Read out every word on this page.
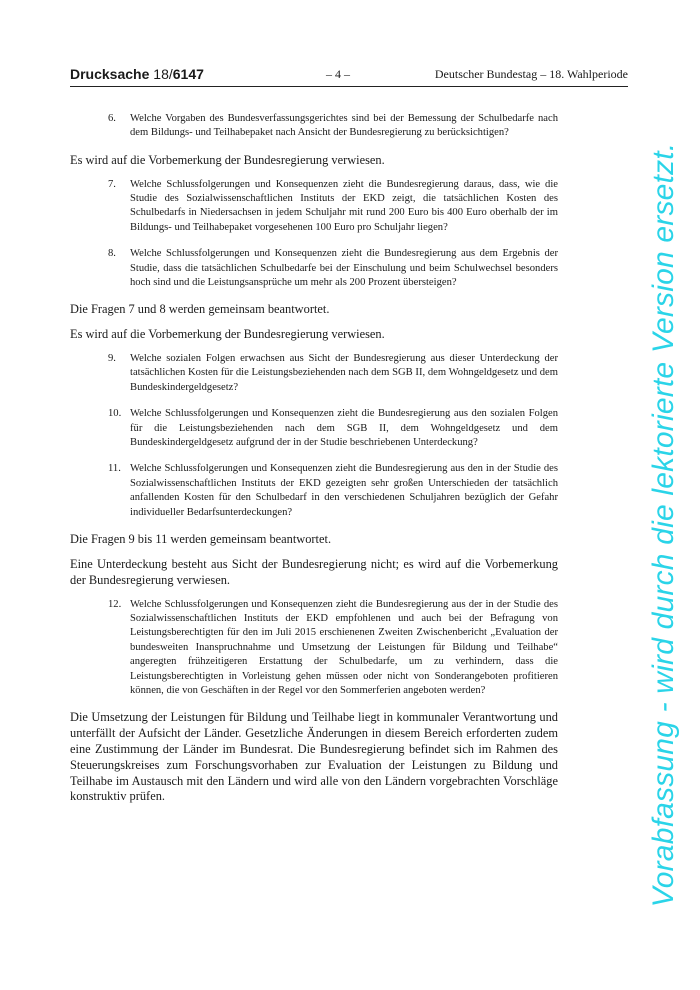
Drucksache 18/6147	– 4 –	Deutscher Bundestag – 18. Wahlperiode
6. Welche Vorgaben des Bundesverfassungsgerichtes sind bei der Bemessung der Schulbedarfe nach dem Bildungs- und Teilhabepaket nach Ansicht der Bundesregierung zu berücksichtigen?

Es wird auf die Vorbemerkung der Bundesregierung verwiesen.

7. Welche Schlussfolgerungen und Konsequenzen zieht die Bundesregierung daraus, dass, wie die Studie des Sozialwissenschaftlichen Instituts der EKD zeigt, die tatsächlichen Kosten des Schulbedarfs in Niedersachsen in jedem Schuljahr mit rund 200 Euro bis 400 Euro oberhalb der im Bildungs- und Teilhabepaket vorgesehenen 100 Euro pro Schuljahr liegen?
8. Welche Schlussfolgerungen und Konsequenzen zieht die Bundesregierung aus dem Ergebnis der Studie, dass die tatsächlichen Schulbedarfe bei der Einschulung und beim Schulwechsel besonders hoch sind und die Leistungsansprüche um mehr als 200 Prozent übersteigen?

Die Fragen 7 und 8 werden gemeinsam beantwortet.

Es wird auf die Vorbemerkung der Bundesregierung verwiesen.

9. Welche sozialen Folgen erwachsen aus Sicht der Bundesregierung aus dieser Unterdeckung der tatsächlichen Kosten für die Leistungsbeziehenden nach dem SGB II, dem Wohngeldgesetz und dem Bundeskindergeldgesetz?
10. Welche Schlussfolgerungen und Konsequenzen zieht die Bundesregierung aus den sozialen Folgen für die Leistungsbeziehenden nach dem SGB II, dem Wohngeldgesetz und dem Bundeskindergeldgesetz aufgrund der in der Studie beschriebenen Unterdeckung?
11. Welche Schlussfolgerungen und Konsequenzen zieht die Bundesregierung aus den in der Studie des Sozialwissenschaftlichen Instituts der EKD gezeigten sehr großen Unterschieden der tatsächlich anfallenden Kosten für den Schulbedarf in den verschiedenen Schuljahren bezüglich der Gefahr individueller Bedarfsunterdeckungen?

Die Fragen 9 bis 11 werden gemeinsam beantwortet.

Eine Unterdeckung besteht aus Sicht der Bundesregierung nicht; es wird auf die Vorbemerkung der Bundesregierung verwiesen.

12. Welche Schlussfolgerungen und Konsequenzen zieht die Bundesregierung aus der in der Studie des Sozialwissenschaftlichen Instituts der EKD empfohlenen und auch bei der Befragung von Leistungsberechtigten für den im Juli 2015 erschienenen Zweiten Zwischenbericht „Evaluation der bundesweiten Inanspruchnahme und Umsetzung der Leistungen für Bildung und Teilhabe“ angeregten frühzeitigeren Erstattung der Schulbedarfe, um zu verhindern, dass die Leistungsberechtigten in Vorleistung gehen müssen oder nicht von Sonderangeboten profitieren können, die von Geschäften in der Regel vor den Sommerferien angeboten werden?

Die Umsetzung der Leistungen für Bildung und Teilhabe liegt in kommunaler Verantwortung und unterfällt der Aufsicht der Länder. Gesetzliche Änderungen in diesem Bereich erforderten zudem eine Zustimmung der Länder im Bundesrat. Die Bundesregierung befindet sich im Rahmen des Steuerungskreises zum Forschungsvorhaben zur Evaluation der Leistungen zu Bildung und Teilhabe im Austausch mit den Ländern und wird alle von den Ländern vorgebrachten Vorschläge konstruktiv prüfen.	Vorabfassung - wird durch die lektorierte Version ersetzt.
